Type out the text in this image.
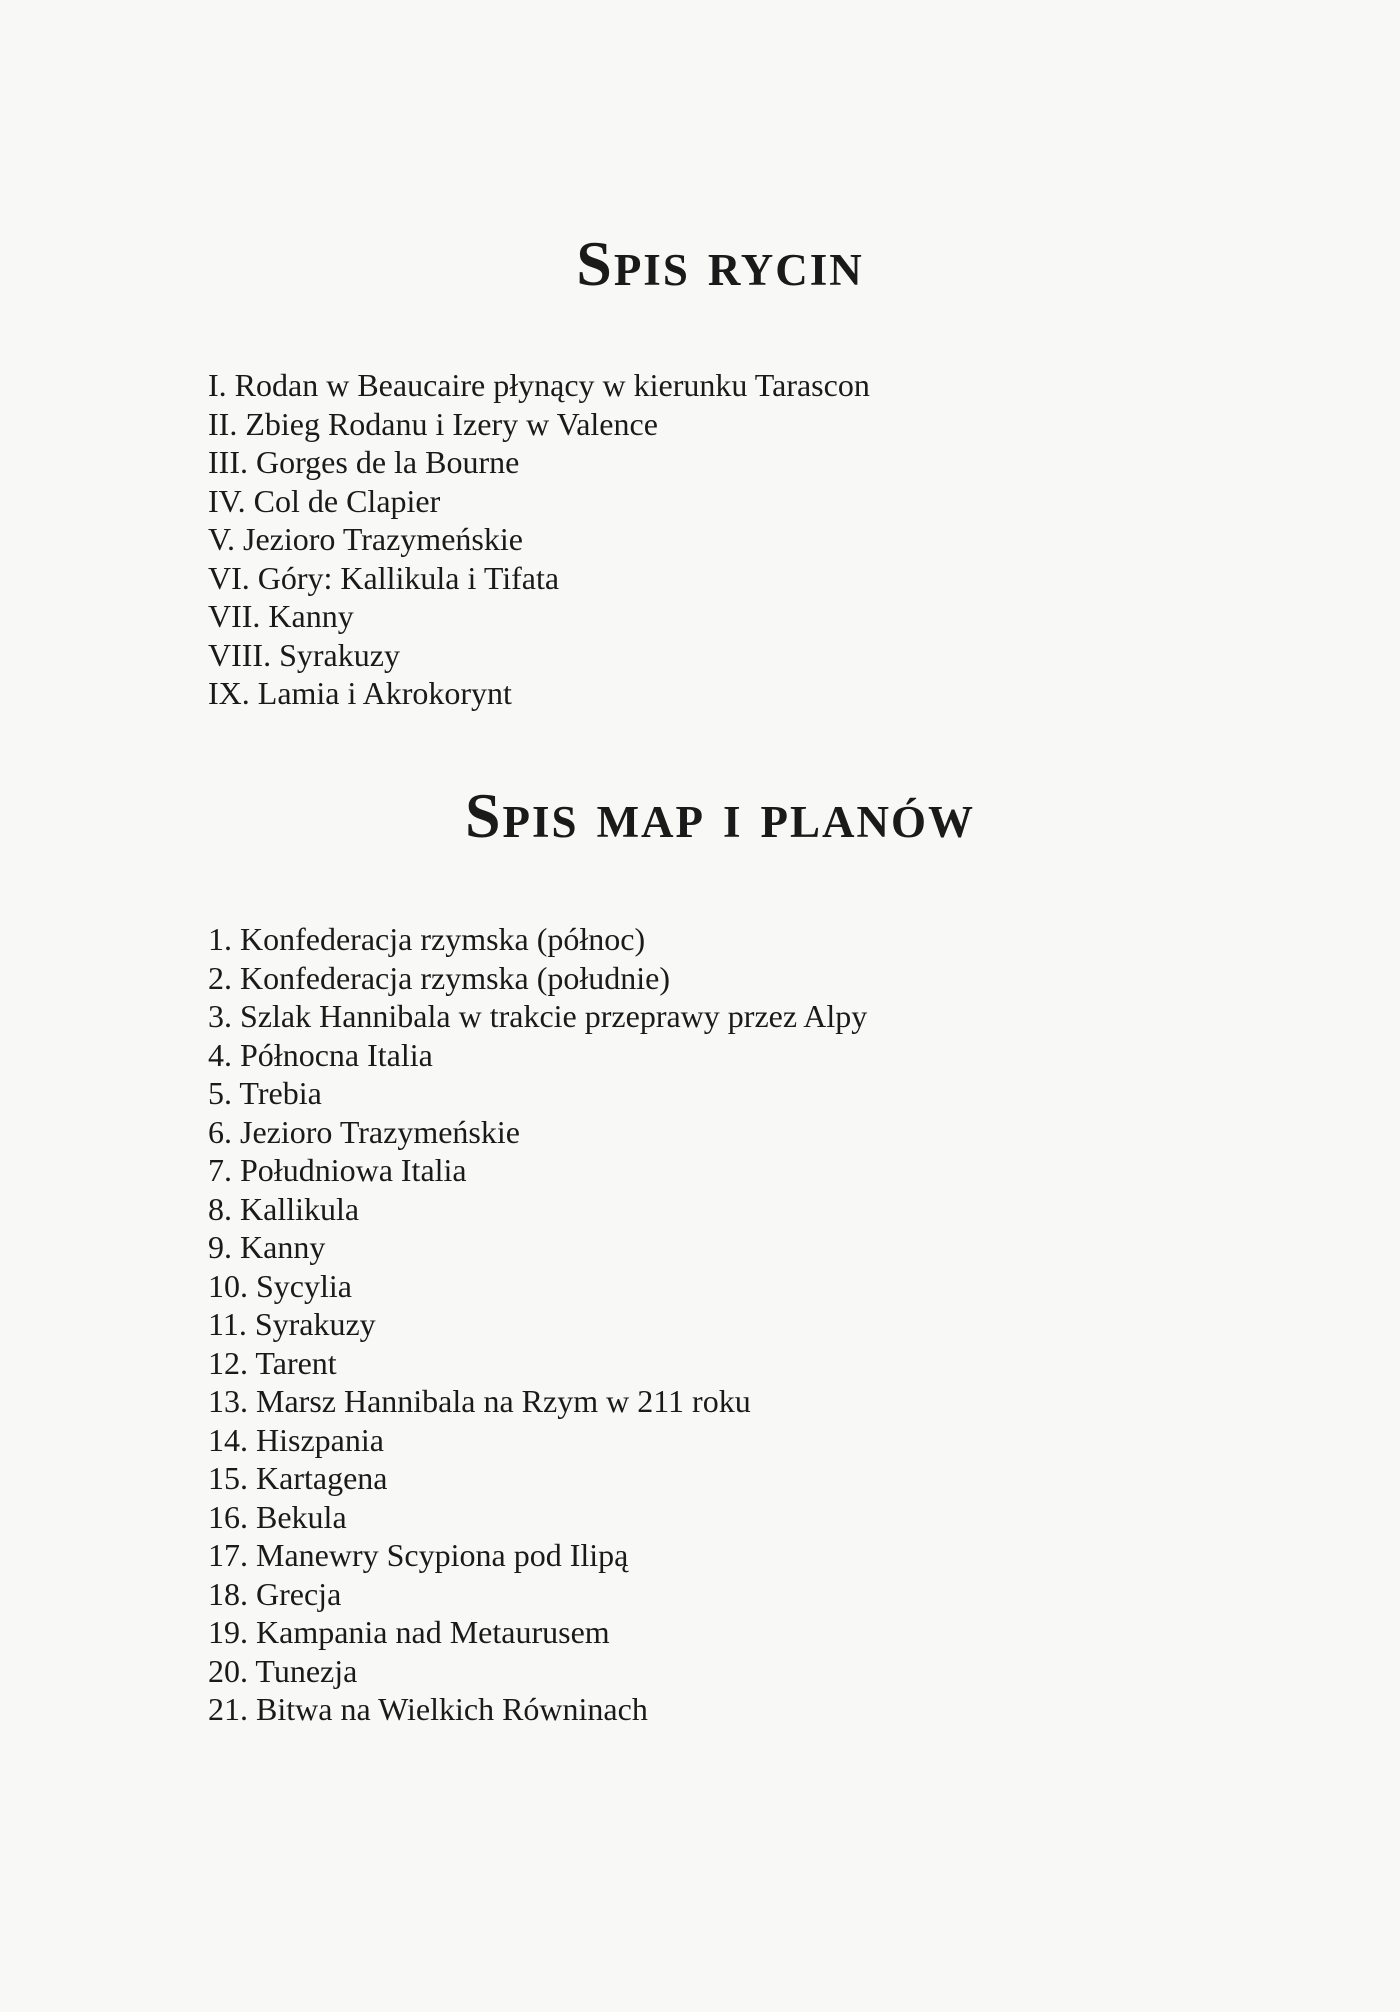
Spis rycin
I. Rodan w Beaucaire płynący w kierunku Tarascon
II. Zbieg Rodanu i Izery w Valence
III. Gorges de la Bourne
IV. Col de Clapier
V. Jezioro Trazymeńskie
VI. Góry: Kallikula i Tifata
VII. Kanny
VIII. Syrakuzy
IX. Lamia i Akrokorynt
Spis map i planów
1. Konfederacja rzymska (północ)
2. Konfederacja rzymska (południe)
3. Szlak Hannibala w trakcie przeprawy przez Alpy
4. Północna Italia
5. Trebia
6. Jezioro Trazymeńskie
7. Południowa Italia
8. Kallikula
9. Kanny
10. Sycylia
11. Syrakuzy
12. Tarent
13. Marsz Hannibala na Rzym w 211 roku
14. Hiszpania
15. Kartagena
16. Bekula
17. Manewry Scypiona pod Ilipą
18. Grecja
19. Kampania nad Metaurusem
20. Tunezja
21. Bitwa na Wielkich Równinach
